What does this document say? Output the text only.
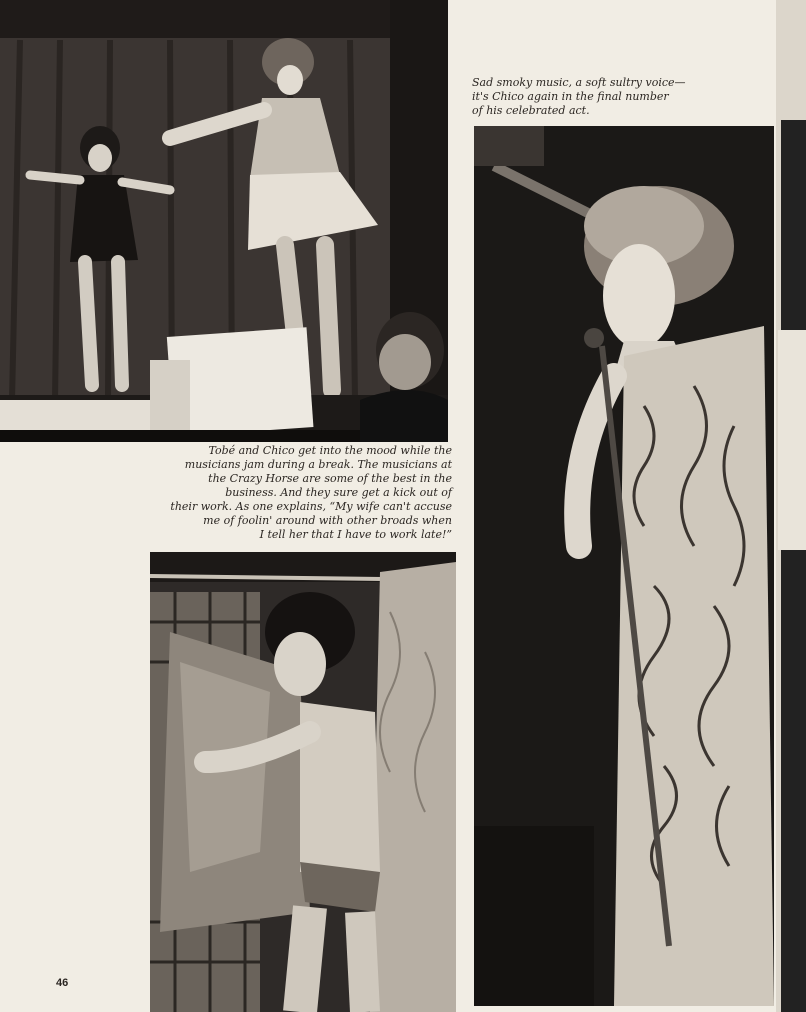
Sad smoky music, a soft sultry voice—
it's Chico again in the final number
of his celebrated act.
Tobé and Chico get into the mood while the
musicians jam during a break. The musicians at
the Crazy Horse are some of the best in the
business. And they sure get a kick out of
their work. As one explains, “My wife can't accuse
me of foolin' around with other broads when
I tell her that I have to work late!”
46
